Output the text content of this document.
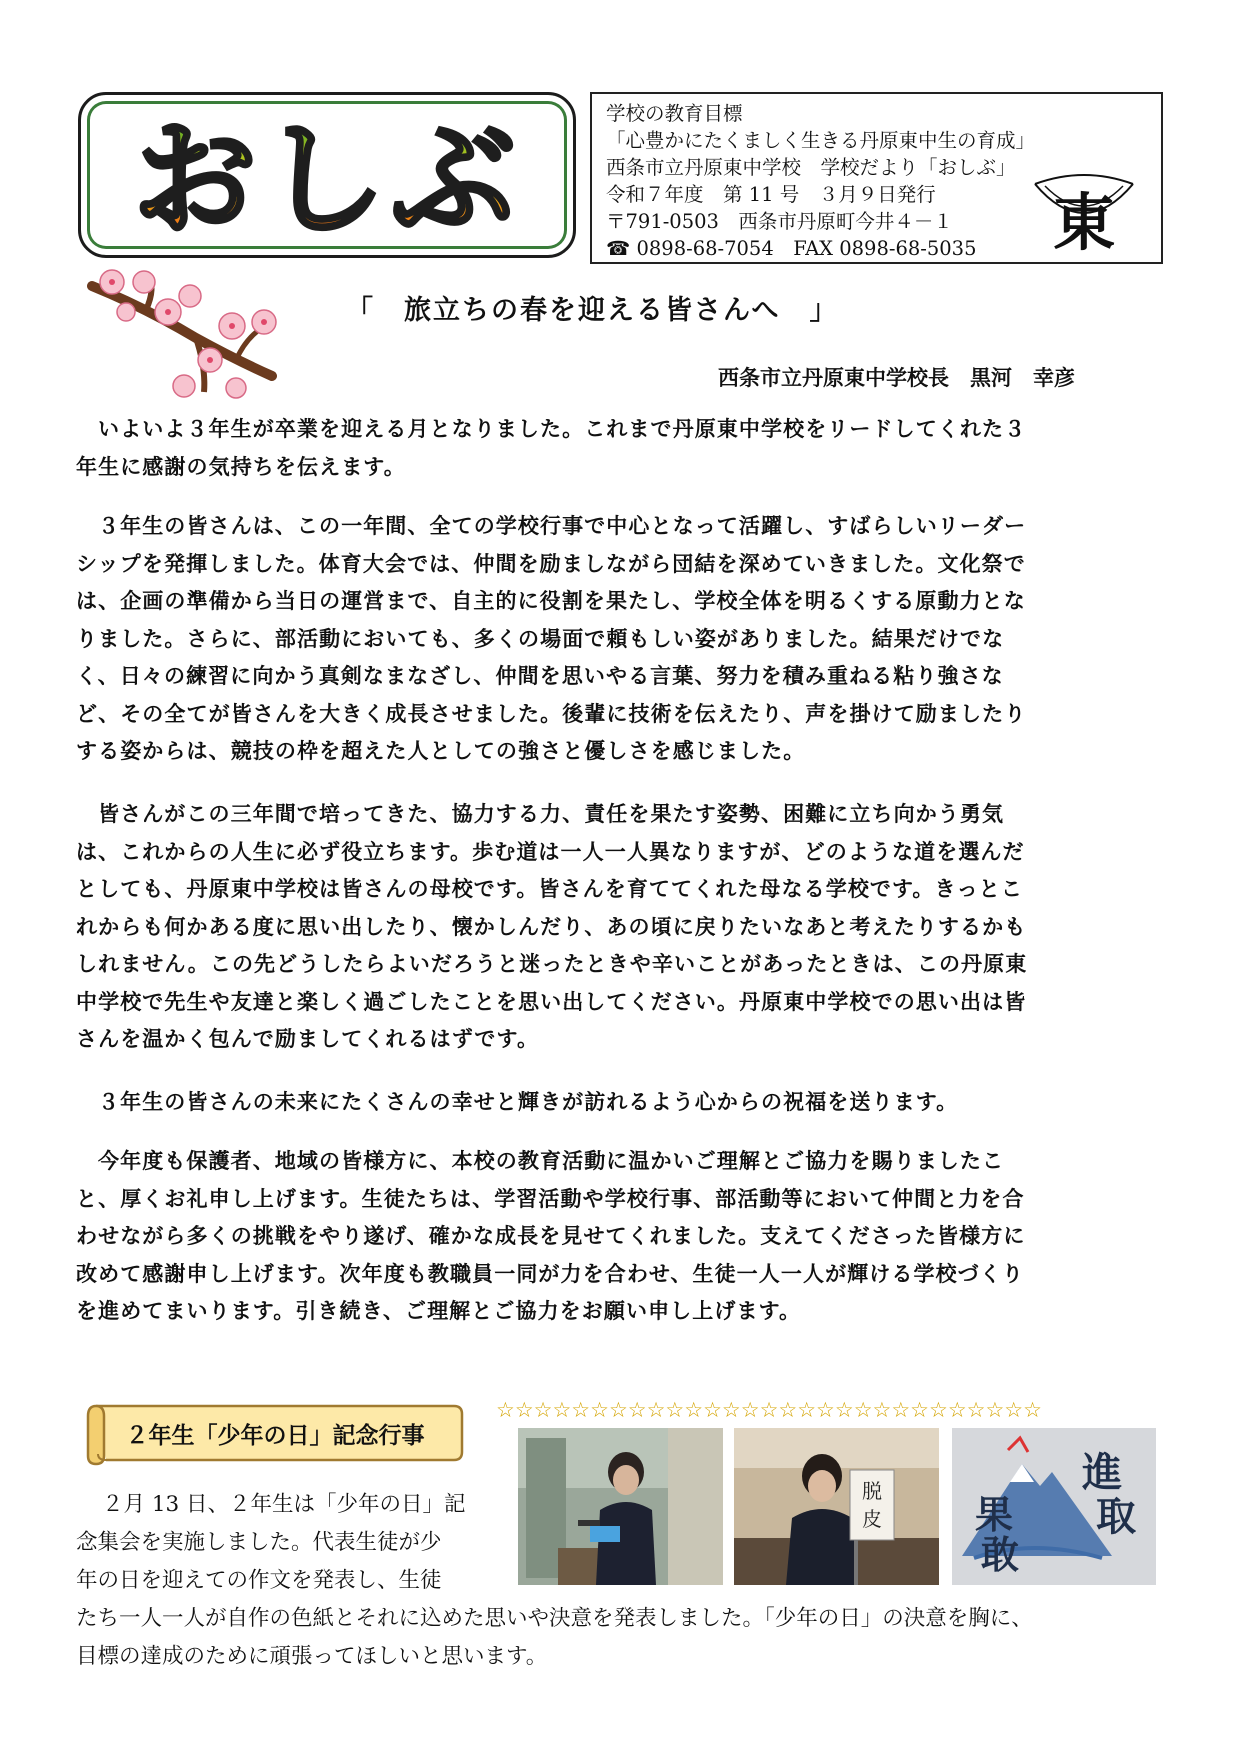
おしぶ	学校の教育目標
「心豊かにたくましく生きる丹原東中生の育成」
西条市立丹原東中学校　学校だより「おしぶ」
令和７年度　第 11 号　３月９日発行
〒791-0503　西条市丹原町今井４－１
☎ 0898-68-7054　FAX 0898-68-5035	東
「　旅立ちの春を迎える皆さんへ　」
西条市立丹原東中学校長　黒河　幸彦
いよいよ３年生が卒業を迎える月となりました。これまで丹原東中学校をリードしてくれた３
年生に感謝の気持ちを伝えます。
３年生の皆さんは、この一年間、全ての学校行事で中心となって活躍し、すばらしいリーダー
シップを発揮しました。体育大会では、仲間を励ましながら団結を深めていきました。文化祭で
は、企画の準備から当日の運営まで、自主的に役割を果たし、学校全体を明るくする原動力とな
りました。さらに、部活動においても、多くの場面で頼もしい姿がありました。結果だけでな
く、日々の練習に向かう真剣なまなざし、仲間を思いやる言葉、努力を積み重ねる粘り強さな
ど、その全てが皆さんを大きく成長させました。後輩に技術を伝えたり、声を掛けて励ましたり
する姿からは、競技の枠を超えた人としての強さと優しさを感じました。
皆さんがこの三年間で培ってきた、協力する力、責任を果たす姿勢、困難に立ち向かう勇気
は、これからの人生に必ず役立ちます。歩む道は一人一人異なりますが、どのような道を選んだ
としても、丹原東中学校は皆さんの母校です。皆さんを育ててくれた母なる学校です。きっとこ
れからも何かある度に思い出したり、懐かしんだり、あの頃に戻りたいなあと考えたりするかも
しれません。この先どうしたらよいだろうと迷ったときや辛いことがあったときは、この丹原東
中学校で先生や友達と楽しく過ごしたことを思い出してください。丹原東中学校での思い出は皆
さんを温かく包んで励ましてくれるはずです。
３年生の皆さんの未来にたくさんの幸せと輝きが訪れるよう心からの祝福を送ります。
今年度も保護者、地域の皆様方に、本校の教育活動に温かいご理解とご協力を賜りましたこ
と、厚くお礼申し上げます。生徒たちは、学習活動や学校行事、部活動等において仲間と力を合
わせながら多くの挑戦をやり遂げ、確かな成長を見せてくれました。支えてくださった皆様方に
改めて感謝申し上げます。次年度も教職員一同が力を合わせ、生徒一人一人が輝ける学校づくり
を進めてまいります。引き続き、ご理解とご協力をお願い申し上げます。
２年生「少年の日」記念行事
☆☆☆☆☆☆☆☆☆☆☆☆☆☆☆☆☆☆☆☆☆☆☆☆☆☆☆☆☆
脱
皮
進
取
果
敢
２月 13 日、２年生は「少年の日」記
念集会を実施しました。代表生徒が少
年の日を迎えての作文を発表し、生徒
たち一人一人が自作の色紙とそれに込めた思いや決意を発表しました。「少年の日」の決意を胸に、
目標の達成のために頑張ってほしいと思います。
